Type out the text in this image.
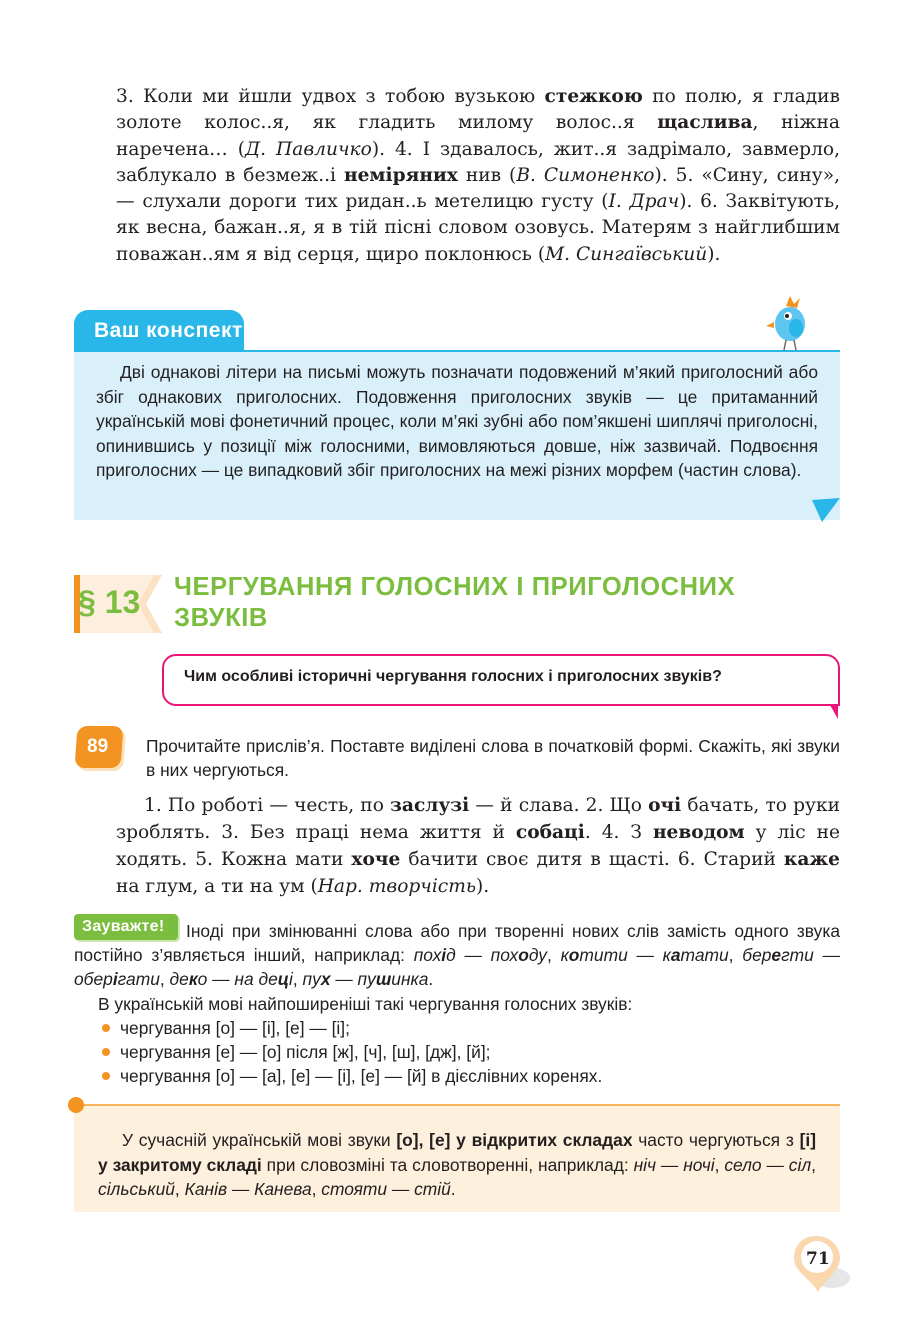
3. Коли ми йшли удвох з тобою вузькою стежкою по полю, я гладив золоте колос..я, як гладить милому волос..я щаслива, ніжна наречена… (Д. Павличко). 4. І здавалось, жит..я задрімало, завмерло, заблукало в безмеж..і неміряних нив (В. Симоненко). 5. «Сину, сину», — слухали дороги тих ридан..ь метелицю густу (І. Драч). 6. Заквітують, як весна, бажан..я, я в тій пісні словом озовусь. Матерям з найглибшим поважан..ям я від серця, щиро поклонюсь (М. Сингаївський).
Ваш конспект
Дві однакові літери на письмі можуть позначати подовжений м’який приголосний або збіг однакових приголосних. Подовження приголосних звуків — це притаманний українській мові фонетичний процес, коли м’які зубні або пом’якшені шиплячі приголосні, опинившись у позиції між голосними, вимовляються довше, ніж зазвичай. Подвоєння приголосних — це випадковий збіг приголосних на межі різних морфем (частин слова).
§ 13 ЧЕРГУВАННЯ ГОЛОСНИХ І ПРИГОЛОСНИХ ЗВУКІВ
Чим особливі історичні чергування голосних і приголосних звуків?
89 Прочитайте прислів’я. Поставте виділені слова в початковій формі. Скажіть, які звуки в них чергуються.
1. По роботі — честь, по заслузі — й слава. 2. Що очі бачать, то руки зроблять. 3. Без праці нема життя й собаці. 4. З неводом у ліс не ходять. 5. Кожна мати хоче бачити своє дитя в щасті. 6. Старий каже на глум, а ти на ум (Нар. творчість).
Іноді при змінюванні слова або при творенні нових слів замість одного звука постійно з’являється інший, наприклад: похід — походу, котити — катати, берегти — оберігати, деко — на деці, пух — пушинка.
Зауважте!
В українській мові найпоширеніші такі чергування голосних звуків:
чергування [о] — [і], [е] — [і];
чергування [е] — [о] після [ж], [ч], [ш], [дж], [й];
чергування [о] — [а], [е] — [і], [е] — [й] в дієслівних коренях.
У сучасній українській мові звуки [о], [е] у відкритих складах часто чергуються з [і] у закритому складі при словозміні та словотворенні, наприклад: ніч — ночі, село — сіл, сільський, Канів — Канева, стояти — стій.
71
